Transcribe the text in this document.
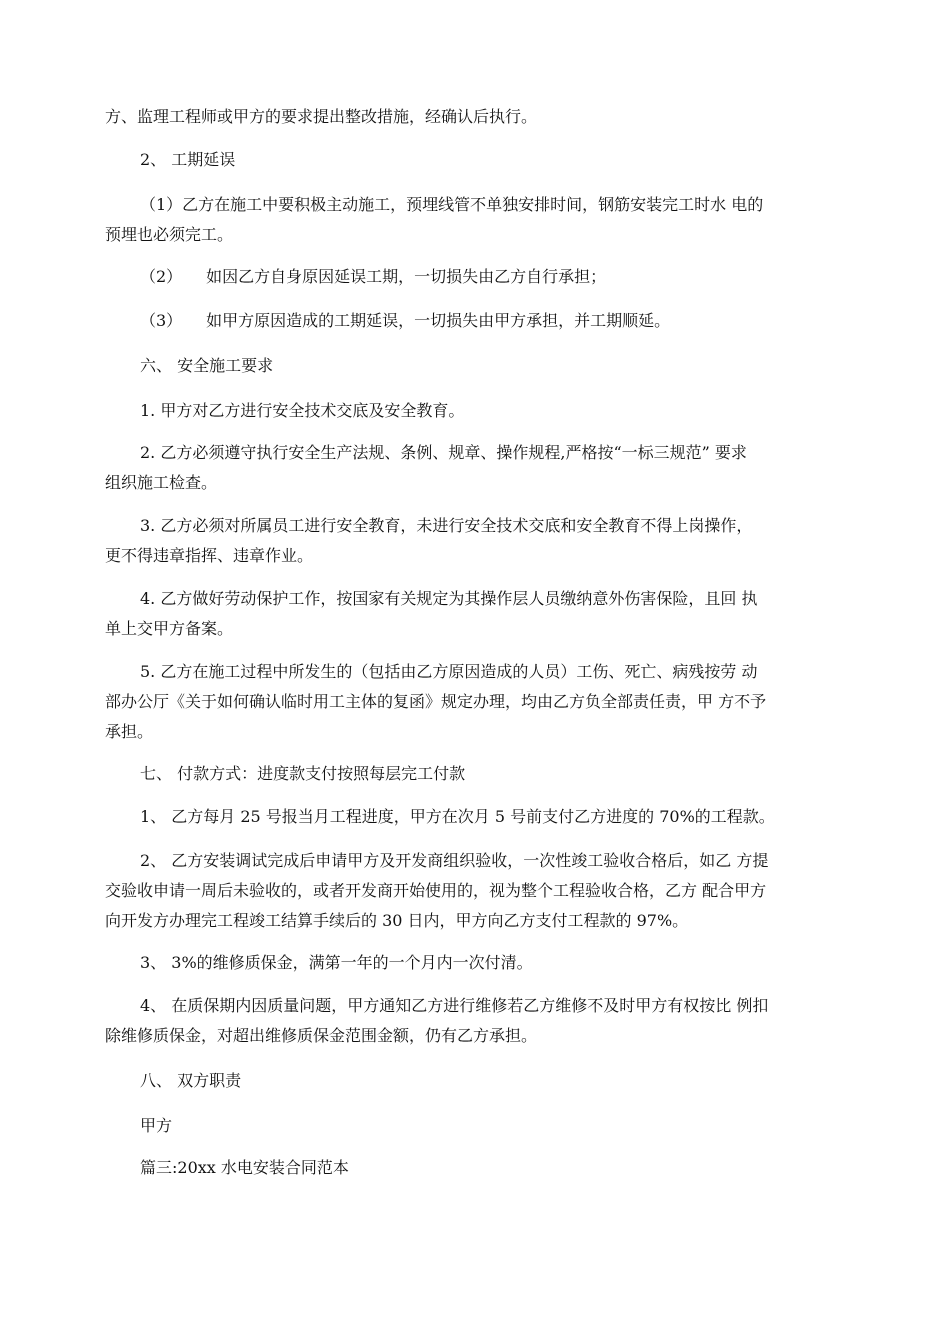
方、监理工程师或甲方的要求提出整改措施，经确认后执行。
2、 工期延误
（1）乙方在施工中要积极主动施工，预埋线管不单独安排时间，钢筋安装完工时水 电的
预埋也必须完工。
（2）　　如因乙方自身原因延误工期，一切损失由乙方自行承担；
（3）　　如甲方原因造成的工期延误，一切损失由甲方承担，并工期顺延。
六、 安全施工要求
1. 甲方对乙方进行安全技术交底及安全教育。
2. 乙方必须遵守执行安全生产法规、条例、规章、操作规程,严格按“一标三规范” 要求
组织施工检查。
3. 乙方必须对所属员工进行安全教育，未进行安全技术交底和安全教育不得上岗操作，
更不得违章指挥、违章作业。
4. 乙方做好劳动保护工作，按国家有关规定为其操作层人员缴纳意外伤害保险，且回 执
单上交甲方备案。
5. 乙方在施工过程中所发生的（包括由乙方原因造成的人员）工伤、死亡、病残按劳 动
部办公厅《关于如何确认临时用工主体的复函》规定办理，均由乙方负全部责任责，甲 方不予
承担。
七、 付款方式：进度款支付按照每层完工付款
1、 乙方每月 25 号报当月工程进度，甲方在次月 5 号前支付乙方进度的 70%的工程款。
2、 乙方安装调试完成后申请甲方及开发商组织验收，一次性竣工验收合格后，如乙 方提
交验收申请一周后未验收的，或者开发商开始使用的，视为整个工程验收合格，乙方 配合甲方
向开发方办理完工程竣工结算手续后的 30 日内，甲方向乙方支付工程款的 97%。
3、 3%的维修质保金，满第一年的一个月内一次付清。
4、 在质保期内因质量问题，甲方通知乙方进行维修若乙方维修不及时甲方有权按比 例扣
除维修质保金，对超出维修质保金范围金额，仍有乙方承担。
八、 双方职责
甲方
篇三:20xx 水电安装合同范本
